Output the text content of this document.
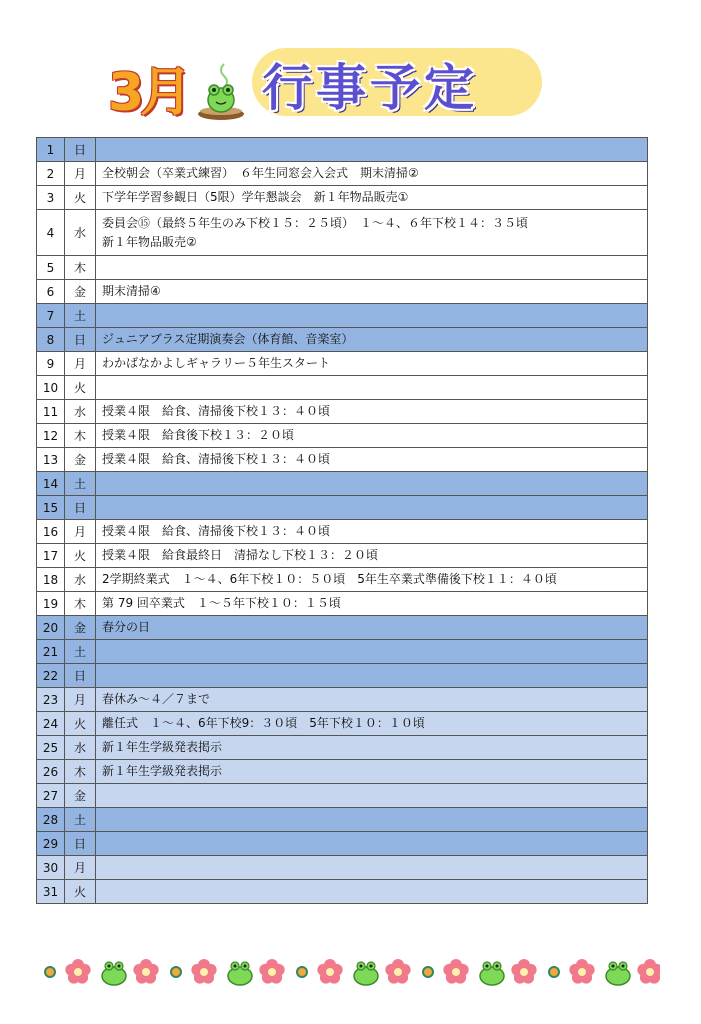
3月 行事予定
1	日	
2	月	全校朝会（卒業式練習）　６年生同窓会入会式　期末清掃②

3	火	下学年学習参観日（5限）学年懇談会　新１年物品販売①

4	水	委員会⑮（最終５年生のみ下校１５：２５頃）　１～４、６年下校１４：３５頃
新１年物品販売②

5	木	
6	金	期末清掃④

7	土	
8	日	ジュニアブラス定期演奏会（体育館、音楽室）

9	月	わかばなかよしギャラリー５年生スタート

10	火	
11	水	授業４限　給食、清掃後下校１３：４０頃

12	木	授業４限　給食後下校１３：２０頃

13	金	授業４限　給食、清掃後下校１３：４０頃

14	土	
15	日	
16	月	授業４限　給食、清掃後下校１３：４０頃

17	火	授業４限　給食最終日　清掃なし下校１３：２０頃

18	水	2学期終業式　１～４、6年下校１０：５０頃　5年生卒業式準備後下校１１：４０頃

19	木	第 79 回卒業式　１～５年下校１０：１５頃

20	金	春分の日

21	土	
22	日	
23	月	春休み～４／７まで

24	火	離任式　１～４、6年下校9：３０頃　5年下校１０：１０頃

25	水	新１年生学級発表掲示

26	木	新１年生学級発表掲示

27	金	
28	土	
29	日	
30	月	
31	火	
